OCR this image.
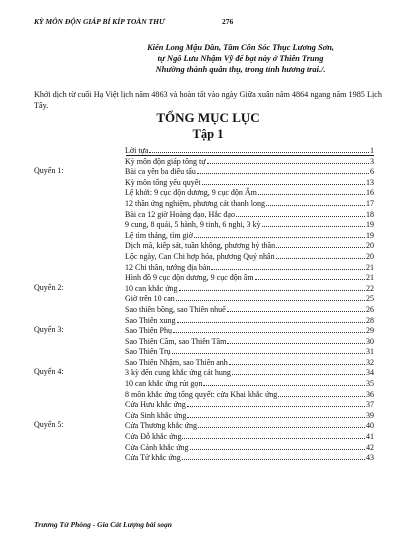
KỲ MÔN ĐỘN GIÁP BÍ KÍP TOÀN THƯ	276
Kiến Long Mậu Dần, Tầm Côn Sóc Thục Lương Sơn,
tự Ngô Lưu Nhậm Vỹ để bạt này ở Thiên Trung
Nhường thành quân thụ, trong tỉnh hương trai./.
Khởi dịch từ cuối Hạ Việt lịch năm 4863 và hoàn tất vào ngày Giữa xuân năm 4864 ngang năm 1985 Lịch Tây.
TỔNG MỤC LỤC
Tập 1
Lời tựa	1
Kỳ môn độn giáp tông tự	3
Quyển 1:	Bài ca yên ba điếu tẩu	6
Kỳ môn tổng yếu quyết	13
Lệ khởi: 9 cục độn dương, 9 cục độn Âm	16
12 thần ứng nghiệm, phương cát thanh long	17
Bài ca 12 giờ Hoàng đạo, Hắc đạo	18
9 cung, 8 quái, 5 hành, 9 tinh, 6 nghi, 3 kỳ	19
Lệ tìm tháng, tìm giờ	19
Dịch mã, kiếp sát, tuần không, phương hỷ thần	20
Lộc ngày, Can Chi hợp hóa, phương Quý nhân	20
12 Chi thần, tướng địa bàn	21
Hình đồ 9 cục độn dương, 9 cục độn âm	21
Quyển 2:	10 can khắc ứng	22
Giờ trên 10 can	25
Sao thiên bồng, sao Thiên nhuế	26
Sao Thiên xung	28
Quyển 3:	Sao Thiên Phụ	29
Sao Thiên Cầm, sao Thiên Tâm	30
Sao Thiên Trụ	31
Sao Thiên Nhậm, sao Thiên anh	32
Quyển 4:	3 kỳ đến cung khắc ứng cát hung	34
10 can khắc ứng rút gọn	35
8 môn khắc ứng tổng quyết: cửa Khai khắc ứng	36
Cửa Hưu khắc ứng	37
Cửa Sinh khắc ứng	39
Quyển 5:	Cửa Thương khắc ứng	40
Cửa Đỗ khắc ứng	41
Cửa Cảnh khắc ứng	42
Cửa Tử khắc ứng	43
Trương Tứ Phòng - Gia Cát Lượng bài soạn
